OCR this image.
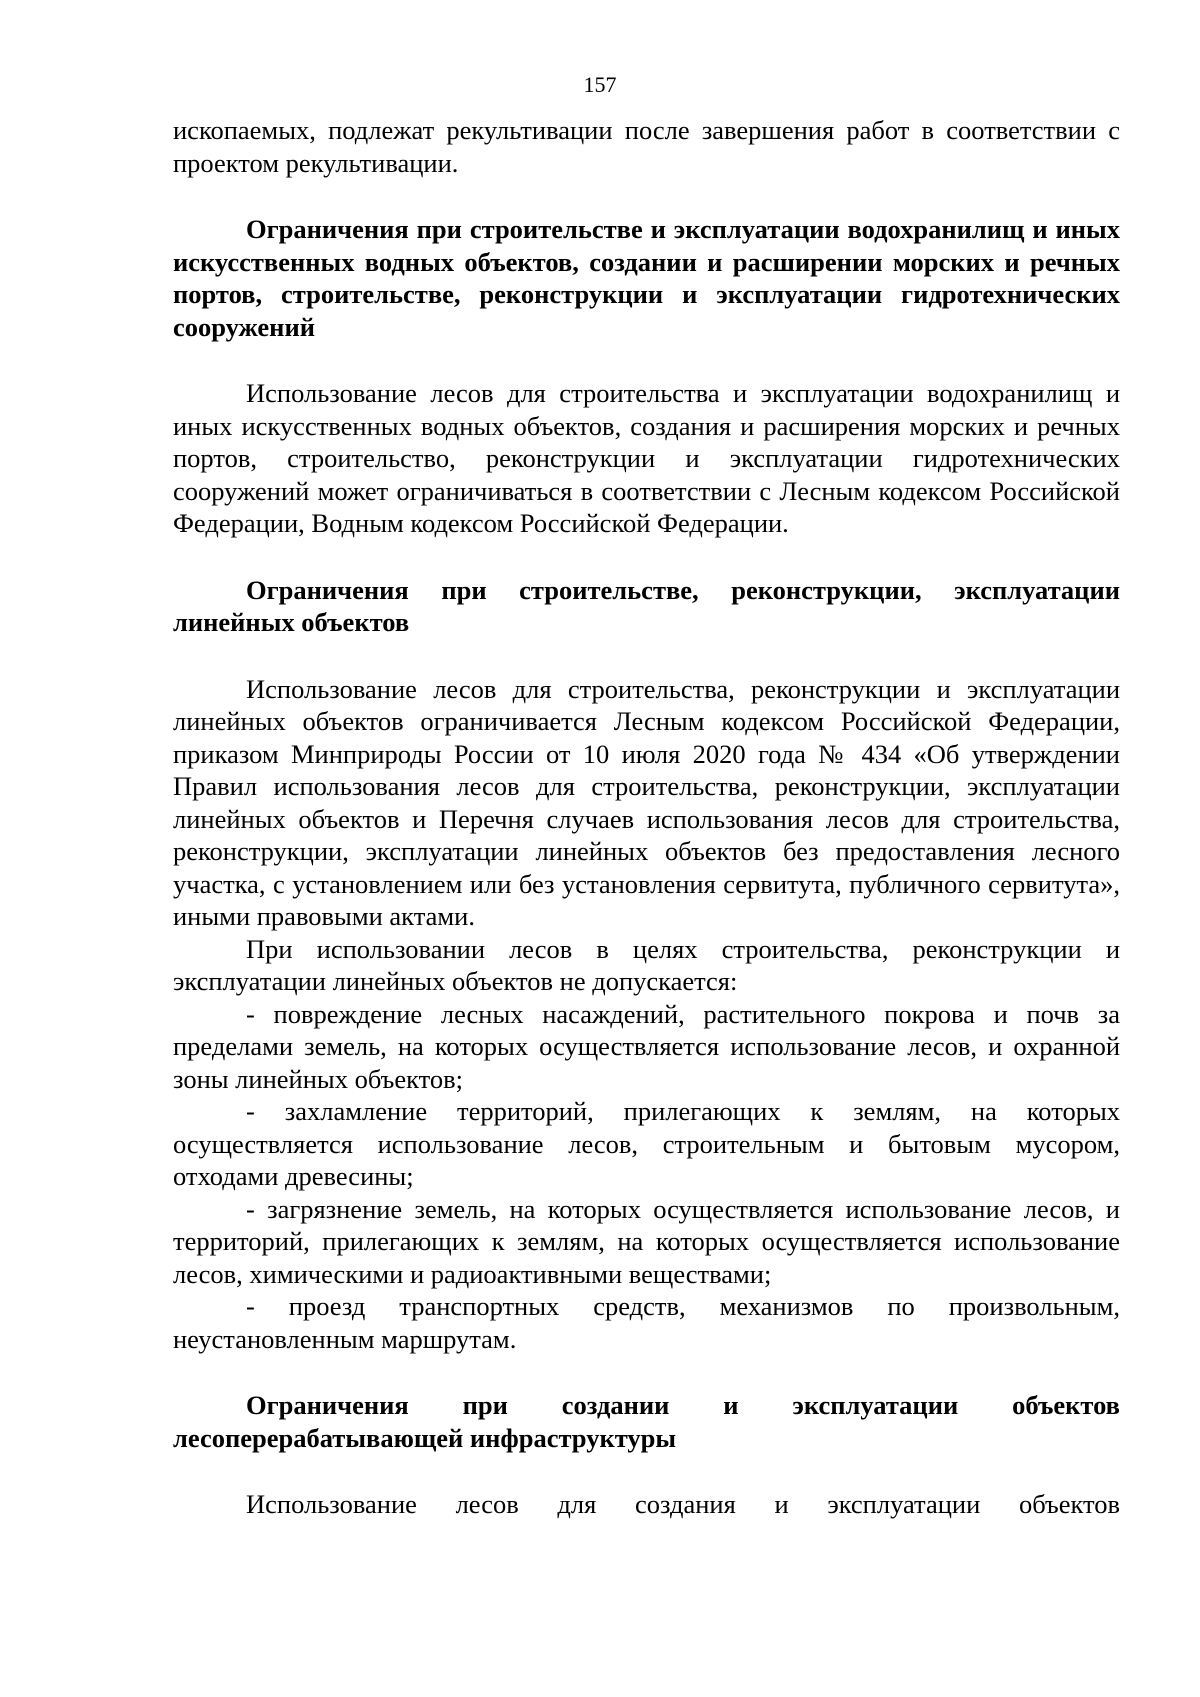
157

ископаемых, подлежат рекультивации после завершения работ в соответствии с проектом рекультивации.

Ограничения при строительстве и эксплуатации водохранилищ и иных искусственных водных объектов, создании и расширении морских и речных портов, строительстве, реконструкции и эксплуатации гидротехнических сооружений

Использование лесов для строительства и эксплуатации водохранилищ и иных искусственных водных объектов, создания и расширения морских и речных портов, строительство, реконструкции и эксплуатации гидротехнических сооружений может ограничиваться в соответствии с Лесным кодексом Российской Федерации, Водным кодексом Российской Федерации.

Ограничения при строительстве, реконструкции, эксплуатации линейных объектов

Использование лесов для строительства, реконструкции и эксплуатации линейных объектов ограничивается Лесным кодексом Российской Федерации, приказом Минприроды России от 10 июля 2020 года № 434 «Об утверждении Правил использования лесов для строительства, реконструкции, эксплуатации линейных объектов и Перечня случаев использования лесов для строительства, реконструкции, эксплуатации линейных объектов без предоставления лесного участка, с установлением или без установления сервитута, публичного сервитута», иными правовыми актами.

При использовании лесов в целях строительства, реконструкции и эксплуатации линейных объектов не допускается:

- повреждение лесных насаждений, растительного покрова и почв за пределами земель, на которых осуществляется использование лесов, и охранной зоны линейных объектов;

- захламление территорий, прилегающих к землям, на которых осуществляется использование лесов, строительным и бытовым мусором, отходами древесины;

- загрязнение земель, на которых осуществляется использование лесов, и территорий, прилегающих к землям, на которых осуществляется использование лесов, химическими и радиоактивными веществами;

- проезд транспортных средств, механизмов по произвольным, неустановленным маршрутам.

Ограничения при создании и эксплуатации объектов лесоперерабатывающей инфраструктуры

Использование лесов для создания и эксплуатации объектов
